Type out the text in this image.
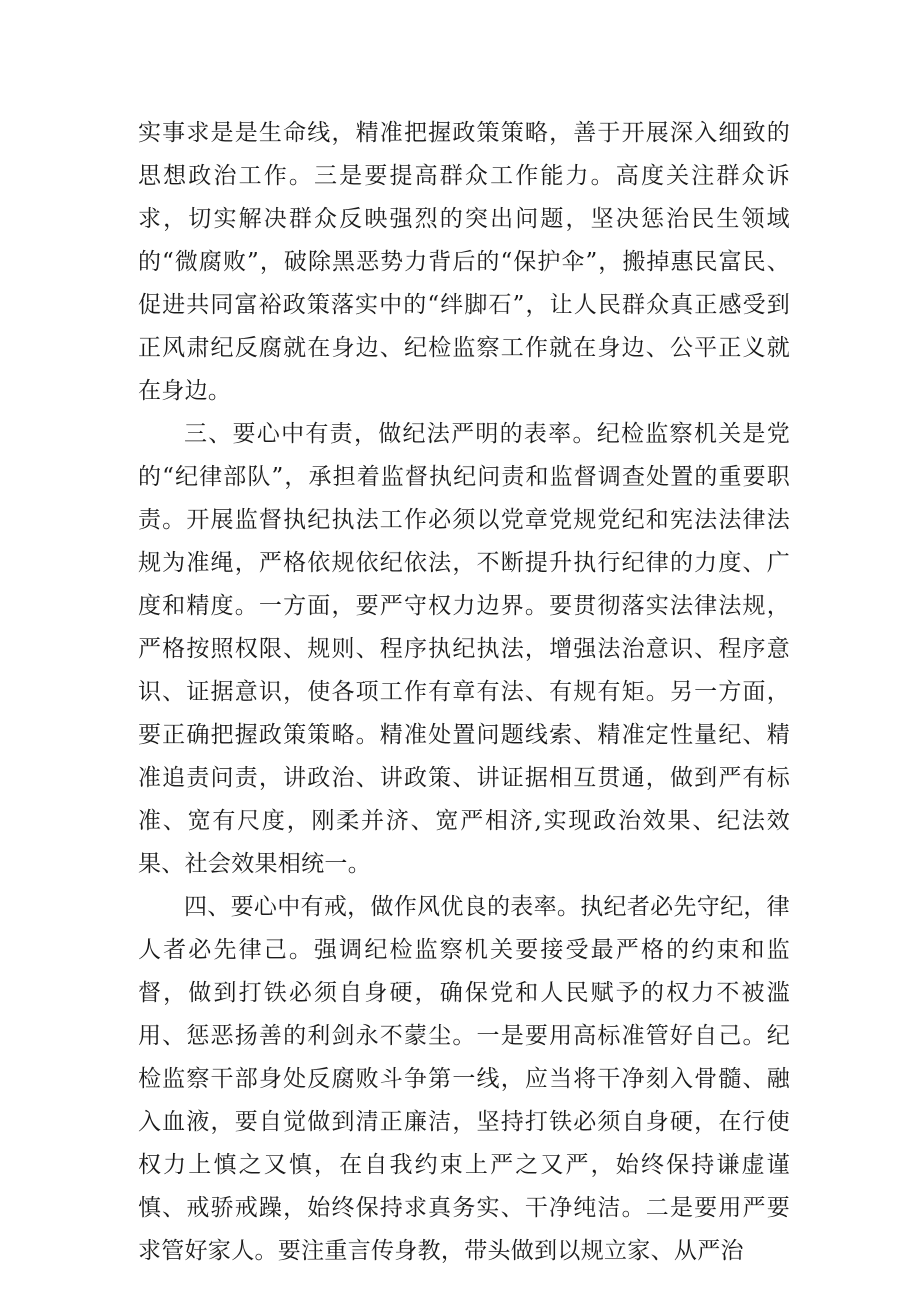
实事求是是生命线，精准把握政策策略，善于开展深入细致的思想政治工作。三是要提高群众工作能力。高度关注群众诉求，切实解决群众反映强烈的突出问题，坚决惩治民生领域的“微腐败”，破除黑恶势力背后的“保护伞”，搬掉惠民富民、促进共同富裕政策落实中的“绊脚石”，让人民群众真正感受到正风肃纪反腐就在身边、纪检监察工作就在身边、公平正义就在身边。

三、要心中有责，做纪法严明的表率。纪检监察机关是党的“纪律部队”，承担着监督执纪问责和监督调查处置的重要职责。开展监督执纪执法工作必须以党章党规党纪和宪法法律法规为准绳，严格依规依纪依法，不断提升执行纪律的力度、广度和精度。一方面，要严守权力边界。要贯彻落实法律法规，严格按照权限、规则、程序执纪执法，增强法治意识、程序意识、证据意识，使各项工作有章有法、有规有矩。另一方面，要正确把握政策策略。精准处置问题线索、精准定性量纪、精准追责问责，讲政治、讲政策、讲证据相互贯通，做到严有标准、宽有尺度，刚柔并济、宽严相济,实现政治效果、纪法效果、社会效果相统一。

四、要心中有戒，做作风优良的表率。执纪者必先守纪，律人者必先律己。强调纪检监察机关要接受最严格的约束和监督，做到打铁必须自身硬，确保党和人民赋予的权力不被滥用、惩恶扬善的利剑永不蒙尘。一是要用高标准管好自己。纪检监察干部身处反腐败斗争第一线，应当将干净刻入骨髓、融入血液，要自觉做到清正廉洁，坚持打铁必须自身硬，在行使权力上慎之又慎，在自我约束上严之又严，始终保持谦虚谨慎、戒骄戒躁，始终保持求真务实、干净纯洁。二是要用严要求管好家人。要注重言传身教，带头做到以规立家、从严治
